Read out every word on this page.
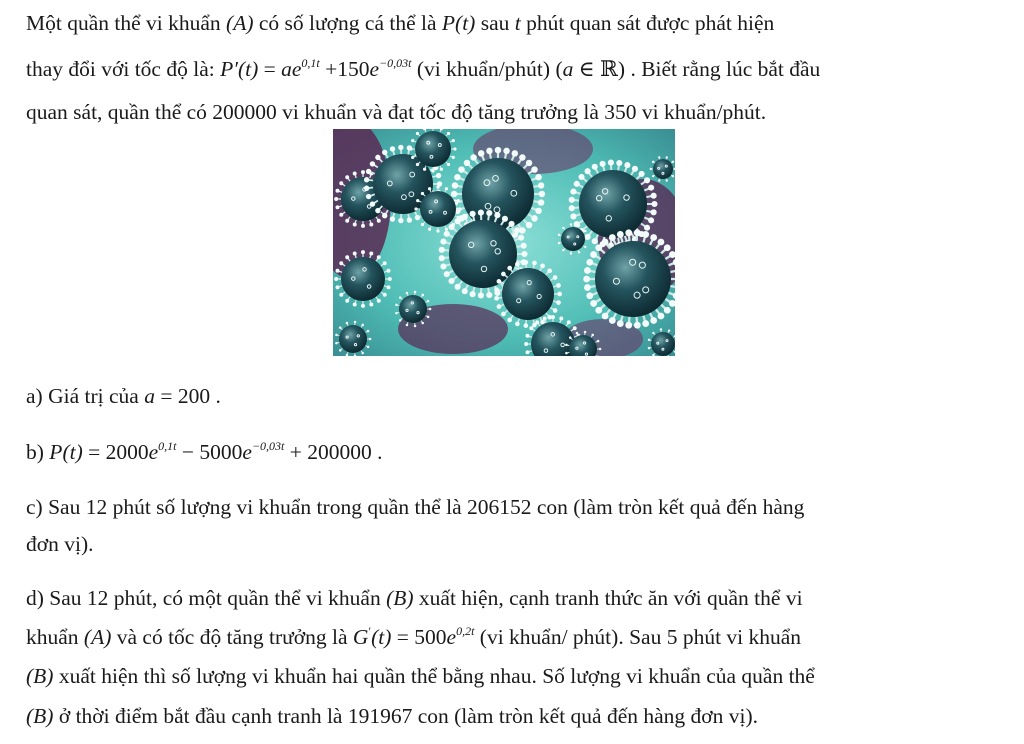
Một quần thể vi khuẩn (A) có số lượng cá thể là P(t) sau t phút quan sát được phát hiện
thay đổi với tốc độ là: $P'(t) = ae^{0,1t} +150e^{-0,03t}$ (vi khuẩn/phút) (a ∈ ℝ) . Biết rằng lúc bắt đầu
quan sát, quần thể có 200000 vi khuẩn và đạt tốc độ tăng trưởng là 350 vi khuẩn/phút.
a) Giá trị của a = 200 .
b) $P(t) = 2000e^{0,1t} - 5000e^{-0,03t} + 200000$ .
c) Sau 12 phút số lượng vi khuẩn trong quần thể là 206152 con (làm tròn kết quả đến hàng
đơn vị).
d) Sau 12 phút, có một quần thể vi khuẩn (B) xuất hiện, cạnh tranh thức ăn với quần thể vi
khuẩn (A) và có tốc độ tăng trưởng là $G'(t) = 500e^{0,2t}$ (vi khuẩn/ phút). Sau 5 phút vi khuẩn
(B) xuất hiện thì số lượng vi khuẩn hai quần thể bằng nhau. Số lượng vi khuẩn của quần thể
(B) ở thời điểm bắt đầu cạnh tranh là 191967 con (làm tròn kết quả đến hàng đơn vị).
